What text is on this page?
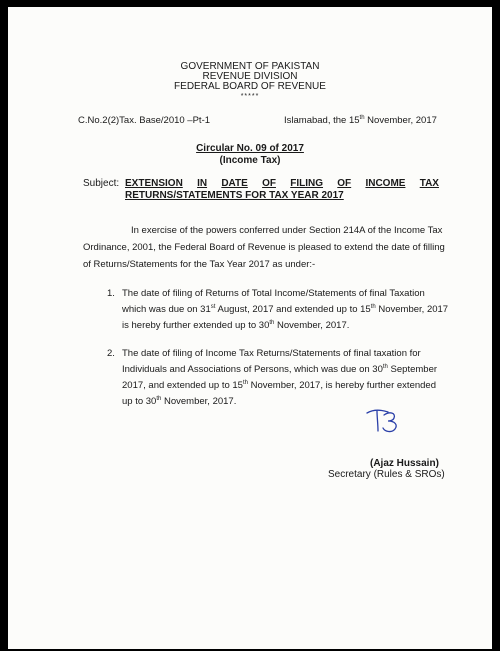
GOVERNMENT OF PAKISTAN
REVENUE DIVISION
FEDERAL BOARD OF REVENUE
*****
C.No.2(2)Tax. Base/2010 –Pt-1	Islamabad, the 15th November, 2017
Circular No. 09 of 2017
(Income Tax)
Subject: EXTENSION IN DATE OF FILING OF INCOME TAX
RETURNS/STATEMENTS FOR TAX YEAR 2017
In exercise of the powers conferred under Section 214A of the Income Tax
Ordinance, 2001, the Federal Board of Revenue is pleased to extend the date of filling
of Returns/Statements for the Tax Year 2017 as under:-
1. The date of filing of Returns of Total Income/Statements of final Taxation
which was due on 31st August, 2017 and extended up to 15th November, 2017
is hereby further extended up to 30th November, 2017.
2. The date of filing of Income Tax Returns/Statements of final taxation for
Individuals and Associations of Persons, which was due on 30th September
2017, and extended up to 15th November, 2017, is hereby further extended
up to 30th November, 2017.
(Ajaz Hussain)
Secretary (Rules & SROs)
